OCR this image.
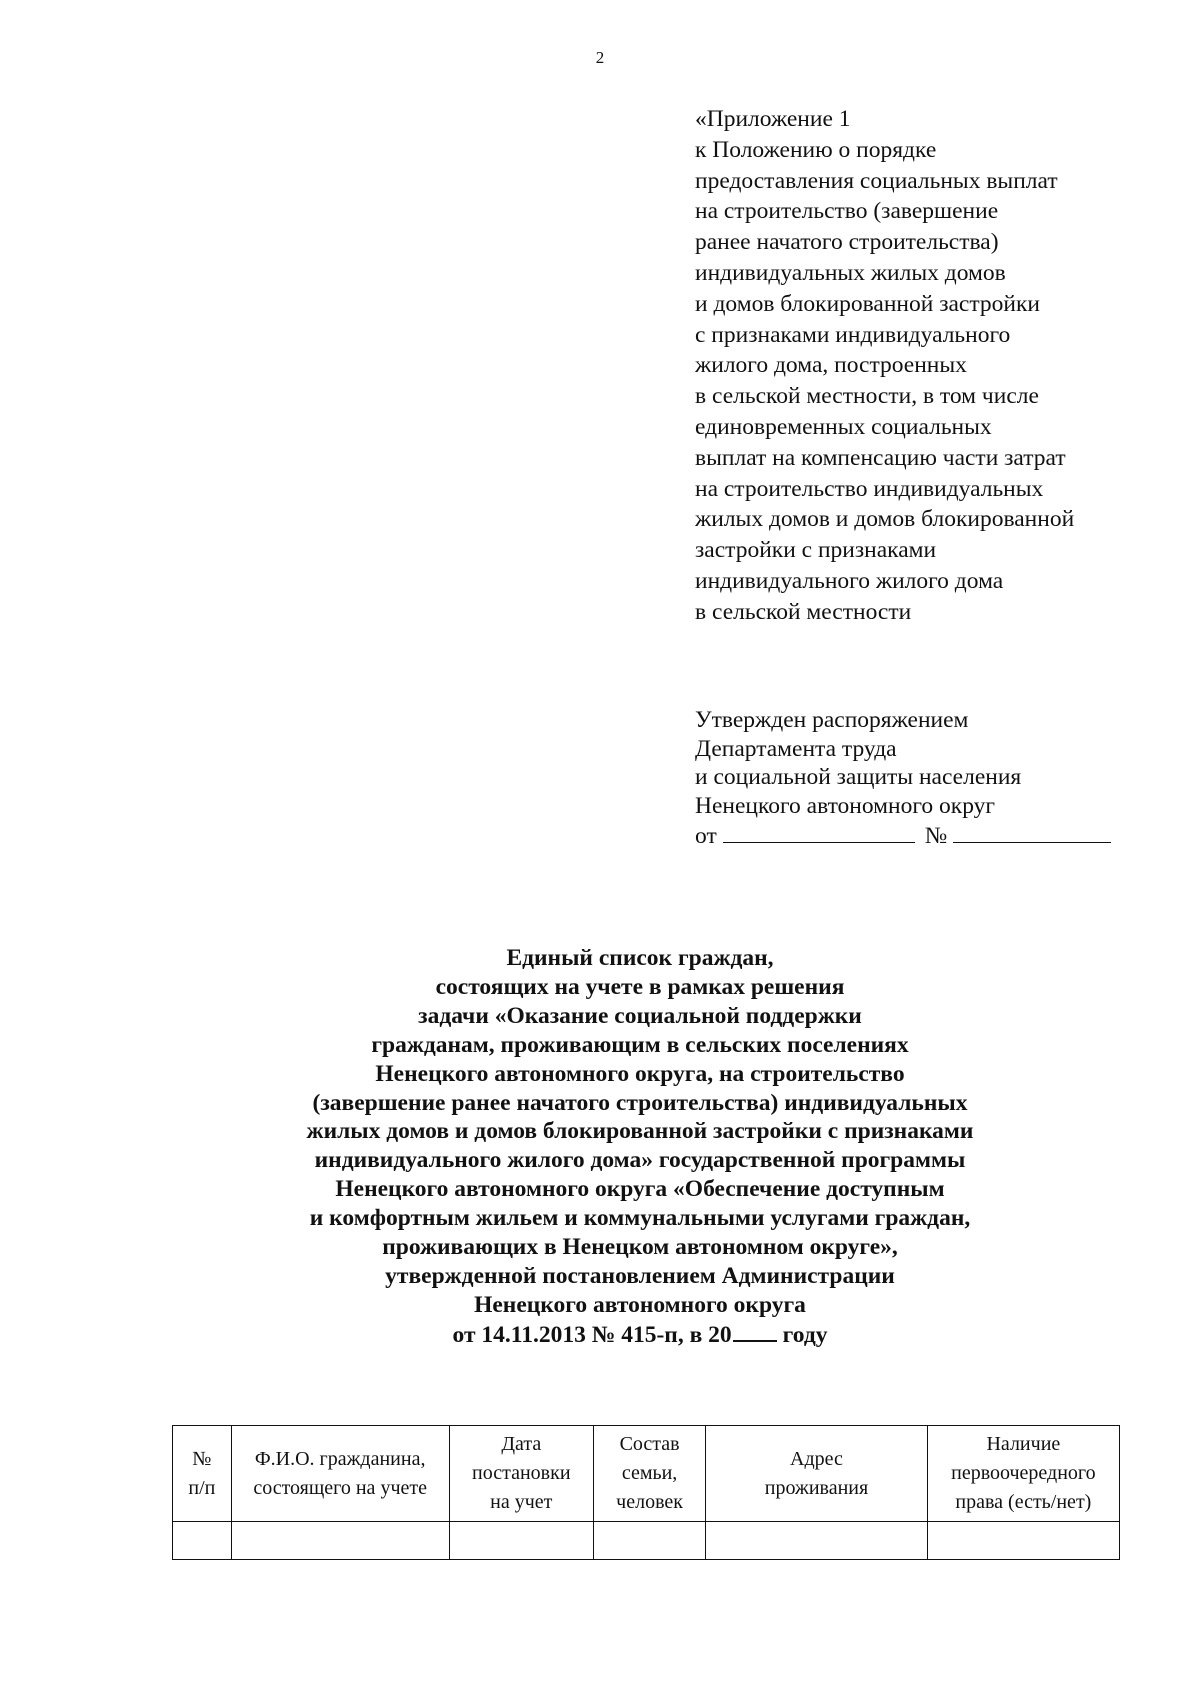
2
«Приложение 1
к Положению о порядке
предоставления социальных выплат
на строительство (завершение
ранее начатого строительства)
индивидуальных жилых домов
и домов блокированной застройки
с признаками индивидуального
жилого дома, построенных
в сельской местности, в том числе
единовременных социальных
выплат на компенсацию части затрат
на строительство индивидуальных
жилых домов и домов блокированной
застройки с признаками
индивидуального жилого дома
в сельской местности
Утвержден распоряжением
Департамента труда
и социальной защиты населения
Ненецкого автономного округ
от	№
Единый список граждан,
состоящих на учете в рамках решения
задачи «Оказание социальной поддержки
гражданам, проживающим в сельских поселениях
Ненецкого автономного округа, на строительство
(завершение ранее начатого строительства) индивидуальных
жилых домов и домов блокированной застройки с признаками
индивидуального жилого дома» государственной программы
Ненецкого автономного округа «Обеспечение доступным
и комфортным жильем и коммунальными услугами граждан,
проживающих в Ненецком автономном округе»,
утвержденной постановлением Администрации
Ненецкого автономного округа
от 14.11.2013 № 415-п, в 20 году
№
п/п	Ф.И.О. гражданина,
состоящего на учете	Дата
постановки
на учет	Состав
семьи,
человек	Адрес
проживания	Наличие
первоочередного
права (есть/нет)
